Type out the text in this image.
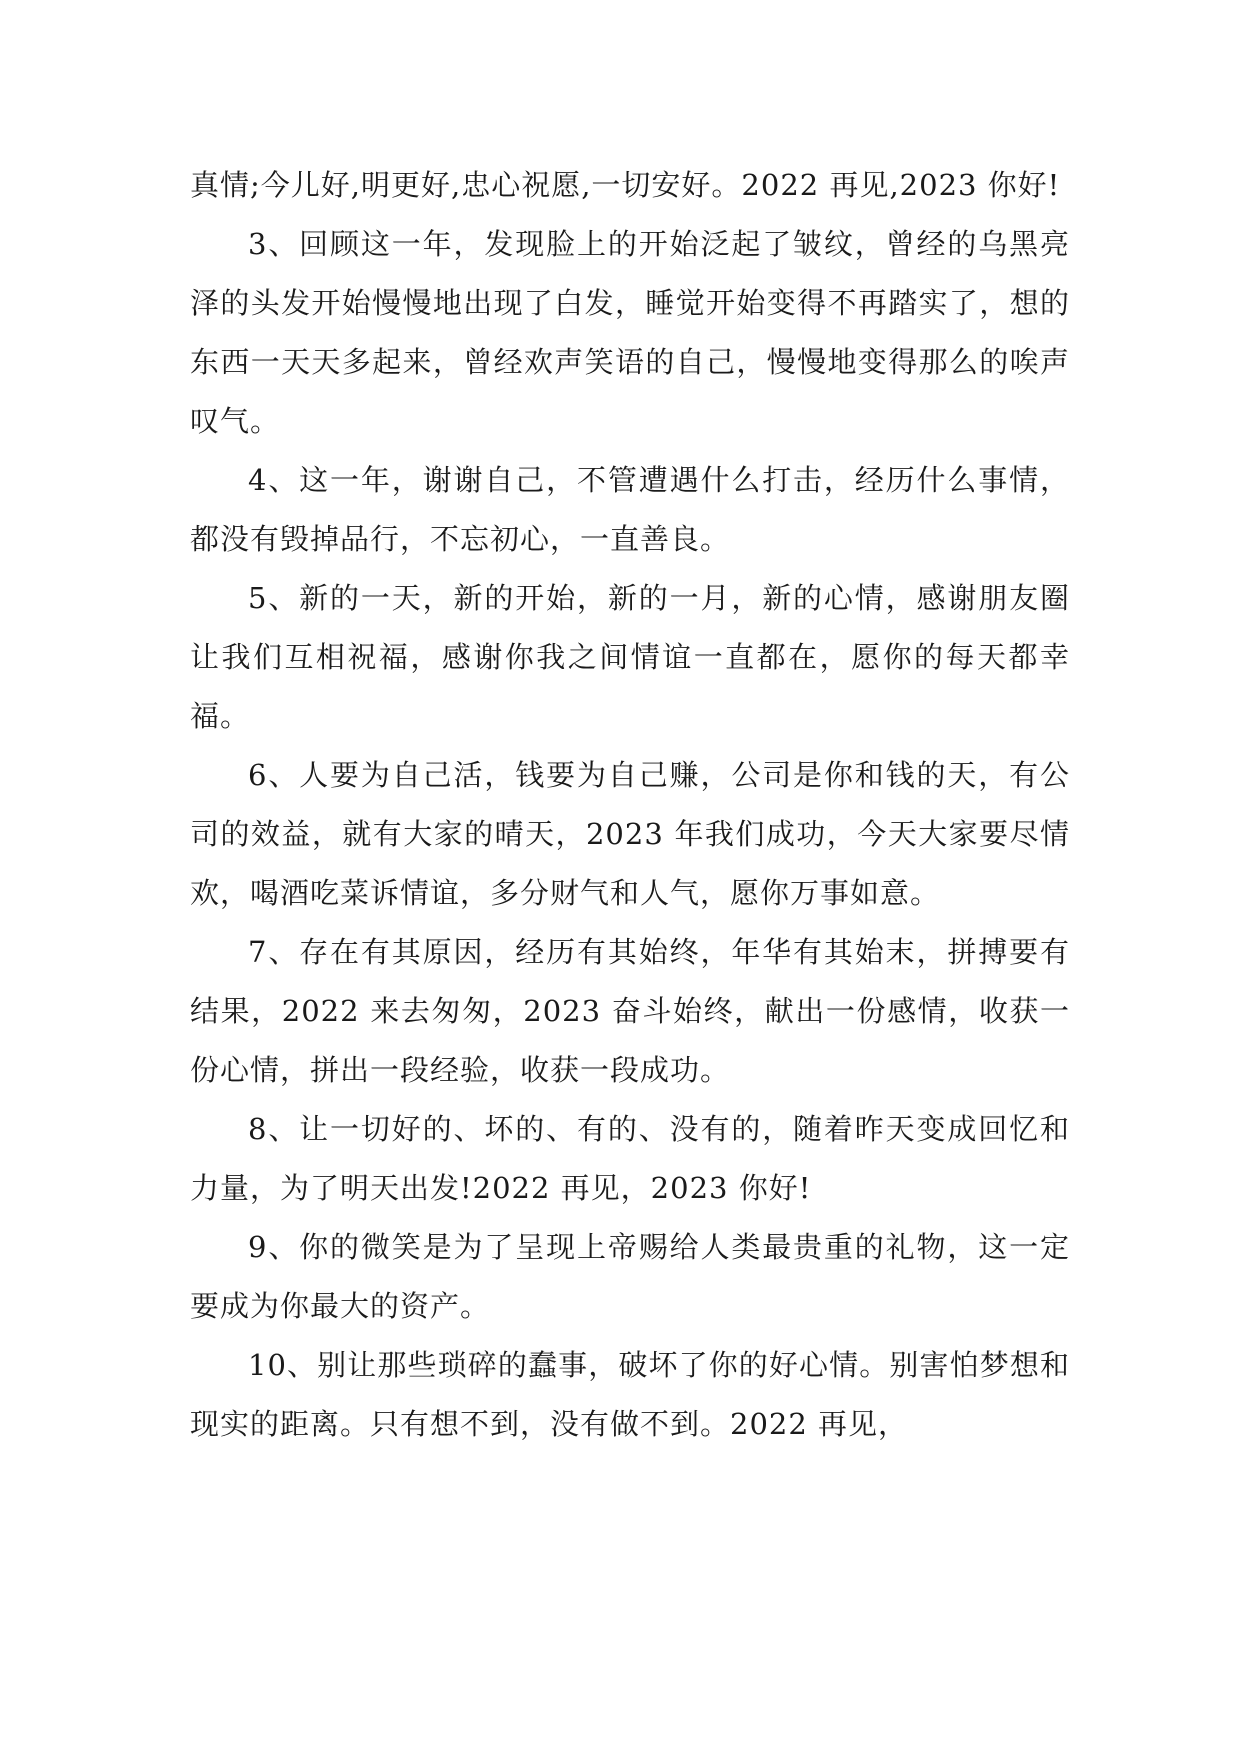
真情;今儿好,明更好,忠心祝愿,一切安好。2022 再见,2023 你好!

3、回顾这一年，发现脸上的开始泛起了皱纹，曾经的乌黑亮泽的头发开始慢慢地出现了白发，睡觉开始变得不再踏实了，想的东西一天天多起来，曾经欢声笑语的自己，慢慢地变得那么的唉声叹气。

4、这一年，谢谢自己，不管遭遇什么打击，经历什么事情，都没有毁掉品行，不忘初心，一直善良。

5、新的一天，新的开始，新的一月，新的心情，感谢朋友圈让我们互相祝福，感谢你我之间情谊一直都在，愿你的每天都幸福。

6、人要为自己活，钱要为自己赚，公司是你和钱的天，有公司的效益，就有大家的晴天，2023 年我们成功，今天大家要尽情欢，喝酒吃菜诉情谊，多分财气和人气，愿你万事如意。

7、存在有其原因，经历有其始终，年华有其始末，拼搏要有结果，2022 来去匆匆，2023 奋斗始终，献出一份感情，收获一份心情，拼出一段经验，收获一段成功。

8、让一切好的、坏的、有的、没有的，随着昨天变成回忆和力量，为了明天出发!2022 再见，2023 你好!

9、你的微笑是为了呈现上帝赐给人类最贵重的礼物，这一定要成为你最大的资产。

10、别让那些琐碎的蠢事，破坏了你的好心情。别害怕梦想和现实的距离。只有想不到，没有做不到。2022 再见，
